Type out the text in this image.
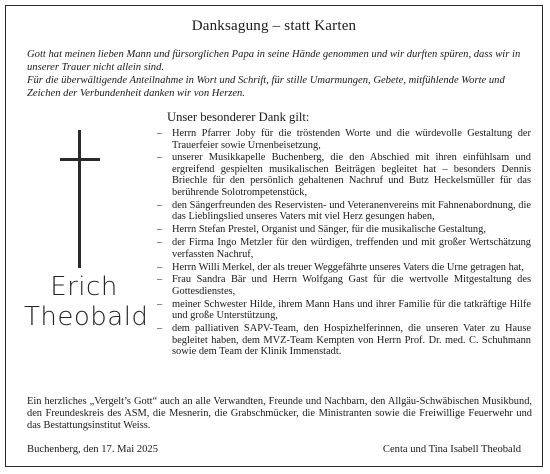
Danksagung – statt Karten

Gott hat meinen lieben Mann und fürsorglichen Papa in seine Hände genommen und wir durften spüren, dass wir in unserer Trauer nicht allein sind.

Für die überwältigende Anteilnahme in Wort und Schrift, für stille Umarmungen, Gebete, mitfühlende Worte und Zeichen der Verbundenheit danken wir von Herzen.

Erich
Theobald
Unser besonderer Dank gilt:
– Herrn Pfarrer Joby für die tröstenden Worte und die würdevolle Gestaltung der Trauerfeier sowie Urnenbeisetzung,
– unserer Musikkapelle Buchenberg, die den Abschied mit ihren einfühlsam und ergreifend gespielten musikalischen Beiträgen begleitet hat – besonders Dennis Briechle für den persönlich gehaltenen Nachruf und Butz Heckelsmüller für das berührende Solotrompetenstück,
– den Sängerfreunden des Reservisten- und Veteranenvereins mit Fahnenabordnung, die das Lieblingslied unseres Vaters mit viel Herz gesungen haben,
– Herrn Stefan Prestel, Organist und Sänger, für die musikalische Gestaltung,
– der Firma Ingo Metzler für den würdigen, treffenden und mit großer Wertschätzung verfassten Nachruf,
– Herrn Willi Merkel, der als treuer Weggefährte unseres Vaters die Urne getragen hat,
– Frau Sandra Bär und Herrn Wolfgang Gast für die wertvolle Mitgestaltung des Gottesdienstes,
– meiner Schwester Hilde, ihrem Mann Hans und ihrer Familie für die tatkräftige Hilfe und große Unterstützung,
– dem palliativen SAPV-Team, den Hospizhelferinnen, die unseren Vater zu Hause begleitet haben, dem MVZ-Team Kempten von Herrn Prof. Dr. med. C. Schuhmann sowie dem Team der Klinik Immenstadt.
Ein herzliches „Vergelt’s Gott“ auch an alle Verwandten, Freunde und Nachbarn, den Allgäu-Schwäbischen Musikbund, den Freundeskreis des ASM, die Mesnerin, die Grabschmücker, die Ministranten sowie die Freiwillige Feuerwehr und das Bestattungsinstitut Weiss.
Buchenberg, den 17. Mai 2025	Centa und Tina Isabell Theobald
